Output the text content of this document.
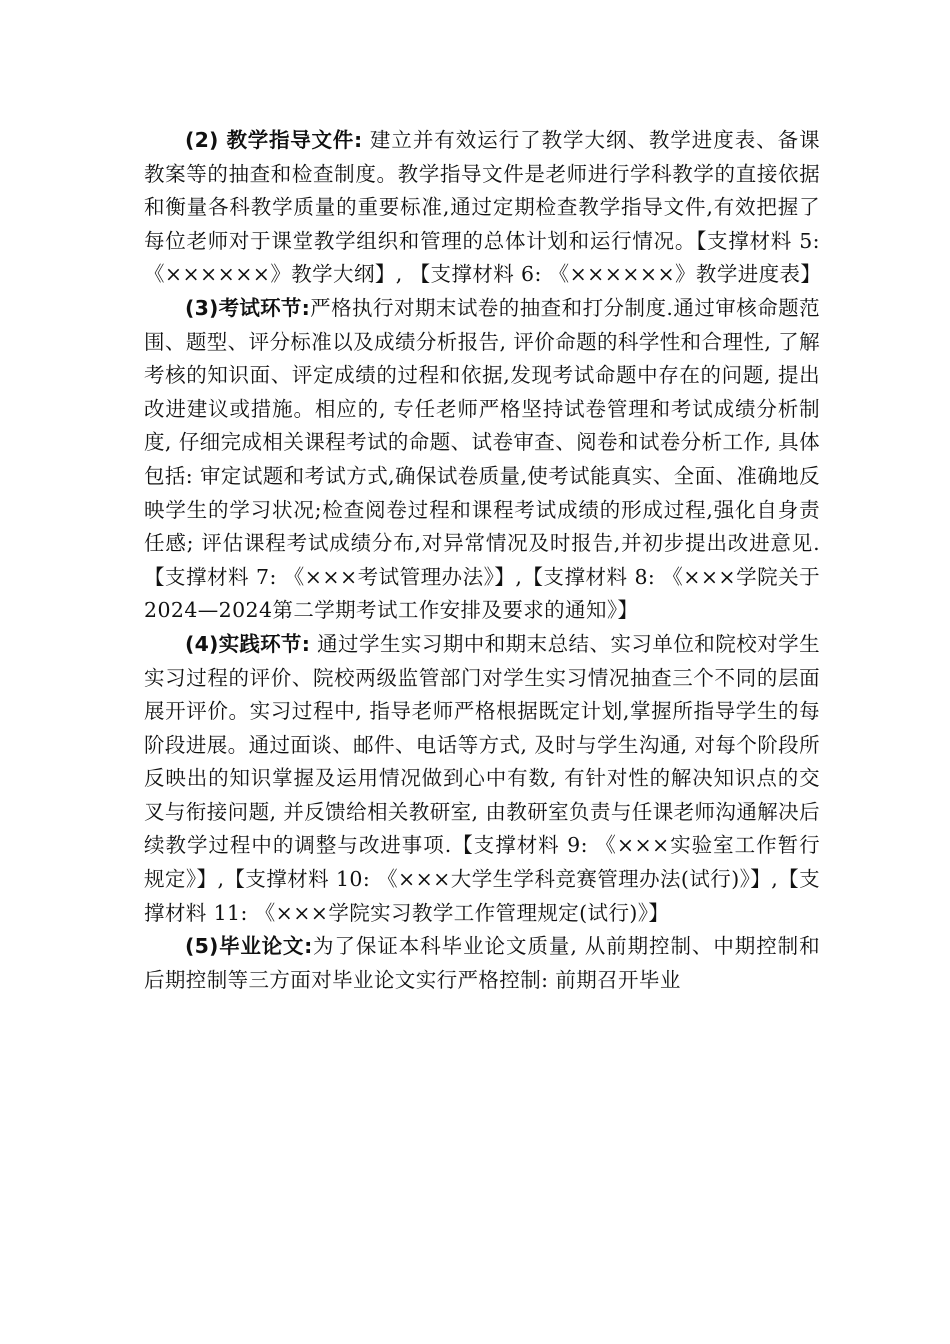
(2) 教学指导文件: 建立并有效运行了教学大纲、教学进度表、备课教案等的抽查和检查制度。教学指导文件是老师进行学科教学的直接依据和衡量各科教学质量的重要标准,通过定期检查教学指导文件,有效把握了每位老师对于课堂教学组织和管理的总体计划和运行情况。【支撑材料 5: 《××××××》教学大纲】, 【支撑材料 6: 《××××××》教学进度表】

(3)考试环节:严格执行对期末试卷的抽查和打分制度.通过审核命题范围、题型、评分标准以及成绩分析报告, 评价命题的科学性和合理性, 了解考核的知识面、评定成绩的过程和依据,发现考试命题中存在的问题, 提出改进建议或措施。相应的, 专任老师严格坚持试卷管理和考试成绩分析制度, 仔细完成相关课程考试的命题、试卷审查、阅卷和试卷分析工作, 具体包括: 审定试题和考试方式,确保试卷质量,使考试能真实、全面、准确地反映学生的学习状况;检查阅卷过程和课程考试成绩的形成过程,强化自身责任感; 评估课程考试成绩分布,对异常情况及时报告,并初步提出改进意见.【支撑材料 7: 《×××考试管理办法》】,【支撑材料 8: 《×××学院关于2024—2024第二学期考试工作安排及要求的通知》】

(4)实践环节: 通过学生实习期中和期末总结、实习单位和院校对学生实习过程的评价、院校两级监管部门对学生实习情况抽查三个不同的层面展开评价。实习过程中, 指导老师严格根据既定计划,掌握所指导学生的每阶段进展。通过面谈、邮件、电话等方式, 及时与学生沟通, 对每个阶段所反映出的知识掌握及运用情况做到心中有数, 有针对性的解决知识点的交叉与衔接问题, 并反馈给相关教研室, 由教研室负责与任课老师沟通解决后续教学过程中的调整与改进事项.【支撑材料 9: 《×××实验室工作暂行规定》】,【支撑材料 10: 《×××大学生学科竞赛管理办法(试行)》】,【支撑材料 11: 《×××学院实习教学工作管理规定(试行)》】

(5)毕业论文:为了保证本科毕业论文质量, 从前期控制、中期控制和后期控制等三方面对毕业论文实行严格控制: 前期召开毕业
